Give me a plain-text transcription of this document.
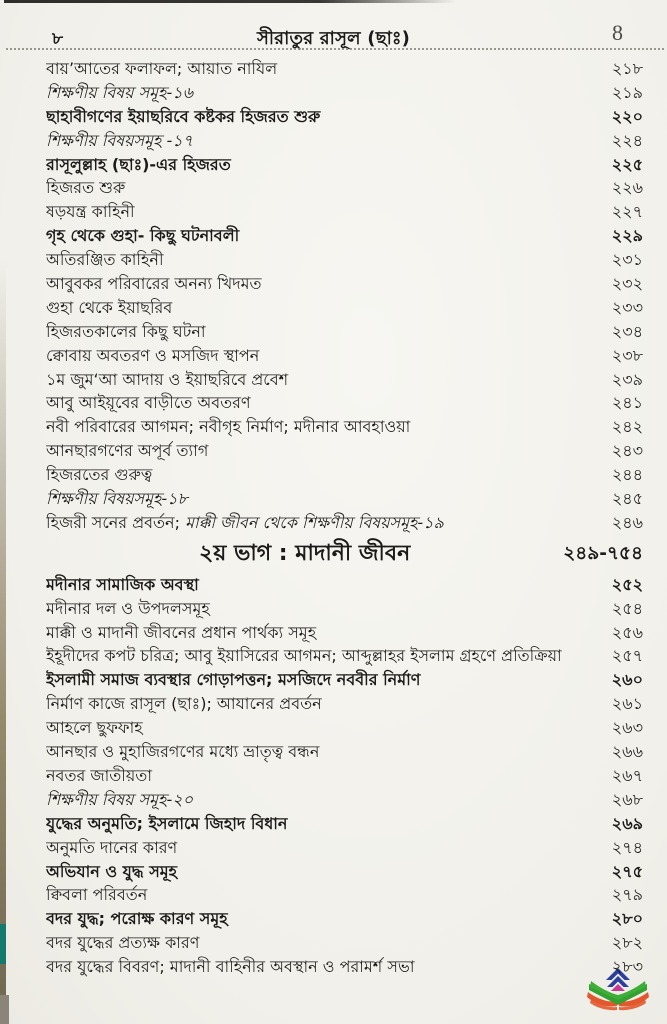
৮	সীরাতুর রাসূল (ছাঃ)	8
বায়’আতের ফলাফল; আয়াত নাযিল	২১৮
শিক্ষণীয় বিষয় সমূহ-১৬	২১৯
ছাহাবীগণের ইয়াছরিবে কষ্টকর হিজরত শুরু	২২০
শিক্ষণীয় বিষয়সমূহ -১৭	২২৪
রাসূলুল্লাহ (ছাঃ)-এর হিজরত	২২৫
হিজরত শুরু	২২৬
ষড়যন্ত্র কাহিনী	২২৭
গৃহ থেকে গুহা- কিছু ঘটনাবলী	২২৯
অতিরঞ্জিত কাহিনী	২৩১
আবুবকর পরিবারের অনন্য খিদমত	২৩২
গুহা থেকে ইয়াছরিব	২৩৩
হিজরতকালের কিছু ঘটনা	২৩৪
ক্বোবায় অবতরণ ও মসজিদ স্থাপন	২৩৮
১ম জুম‘আ আদায় ও ইয়াছরিবে প্রবেশ	২৩৯
আবু আইয়ূবের বাড়ীতে অবতরণ	২৪১
নবী পরিবারের আগমন; নবীগৃহ নির্মাণ; মদীনার আবহাওয়া	২৪২
আনছারগণের অপূর্ব ত্যাগ	২৪৩
হিজরতের গুরুত্ব	২৪৪
শিক্ষণীয় বিষয়সমূহ-১৮	২৪৫
হিজরী সনের প্রবর্তন; মাক্কী জীবন থেকে শিক্ষণীয় বিষয়সমূহ-১৯	২৪৬
২য় ভাগ : মাদানী জীবন	২৪৯-৭৫৪
মদীনার সামাজিক অবস্থা	২৫২
মদীনার দল ও উপদলসমূহ	২৫৪
মাক্কী ও মাদানী জীবনের প্রধান পার্থক্য সমূহ	২৫৬
ইহূদীদের কপট চরিত্র; আবু ইয়াসিরের আগমন; আব্দুল্লাহর ইসলাম গ্রহণে প্রতিক্রিয়া	২৫৭
ইসলামী সমাজ ব্যবস্থার গোড়াপত্তন; মসজিদে নববীর নির্মাণ	২৬০
নির্মাণ কাজে রাসূল (ছাঃ); আযানের প্রবর্তন	২৬১
আহলে ছুফফাহ	২৬৩
আনছার ও মুহাজিরগণের মধ্যে ভ্রাতৃত্ব বন্ধন	২৬৬
নবতর জাতীয়তা	২৬৭
শিক্ষণীয় বিষয় সমূহ-২০	২৬৮
যুদ্ধের অনুমতি; ইসলামে জিহাদ বিধান	২৬৯
অনুমতি দানের কারণ	২৭৪
অভিযান ও যুদ্ধ সমূহ	২৭৫
ক্বিবলা পরিবর্তন	২৭৯
বদর যুদ্ধ; পরোক্ষ কারণ সমূহ	২৮০
বদর যুদ্ধের প্রত্যক্ষ কারণ	২৮২
বদর যুদ্ধের বিবরণ; মাদানী বাহিনীর অবস্থান ও পরামর্শ সভা	২৮৩
